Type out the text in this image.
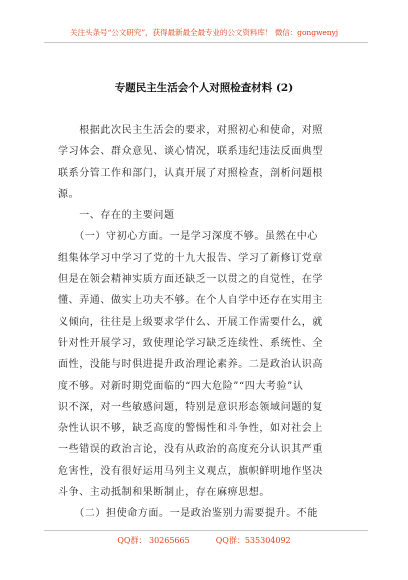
关注头条号“公文研究”，获得最新最全最专业的公文资料库！ 微信：gongwenyj
专题民主生活会个人对照检查材料 (2)
　　根据此次民主生活会的要求，对照初心和使命，对照
学习体会、群众意见、谈心情况，联系违纪违法反面典型
联系分管工作和部门，认真开展了对照检查，剖析问题根
源。
　　一、存在的主要问题
　　（一）守初心方面。一是学习深度不够。虽然在中心
组集体学习中学习了党的十九大报告、学习了新修订党章
但是在领会精神实质方面还缺乏一以贯之的自觉性，在学
懂、弄通、做实上功夫不够。在个人自学中还存在实用主
义倾向，往往是上级要求学什么、开展工作需要什么，就
针对性开展学习，致使理论学习缺乏连续性、系统性、全
面性，没能与时俱进提升政治理论素养。二是政治认识高
度不够。对新时期党面临的“四大危险”“四大考验”认
识不深，对一些敏感问题，特别是意识形态领域问题的复
杂性认识不够，缺乏高度的警惕性和斗争性，如对社会上
一些错误的政治言论，没有从政治的高度充分认识其严重
危害性，没有很好运用马列主义观点，旗帜鲜明地作坚决
斗争、主动抵制和果断制止，存在麻痹思想。
　　（二）担使命方面。一是政治鉴别力需要提升。不能
QQ群： 30265665	QQ群：535304092
